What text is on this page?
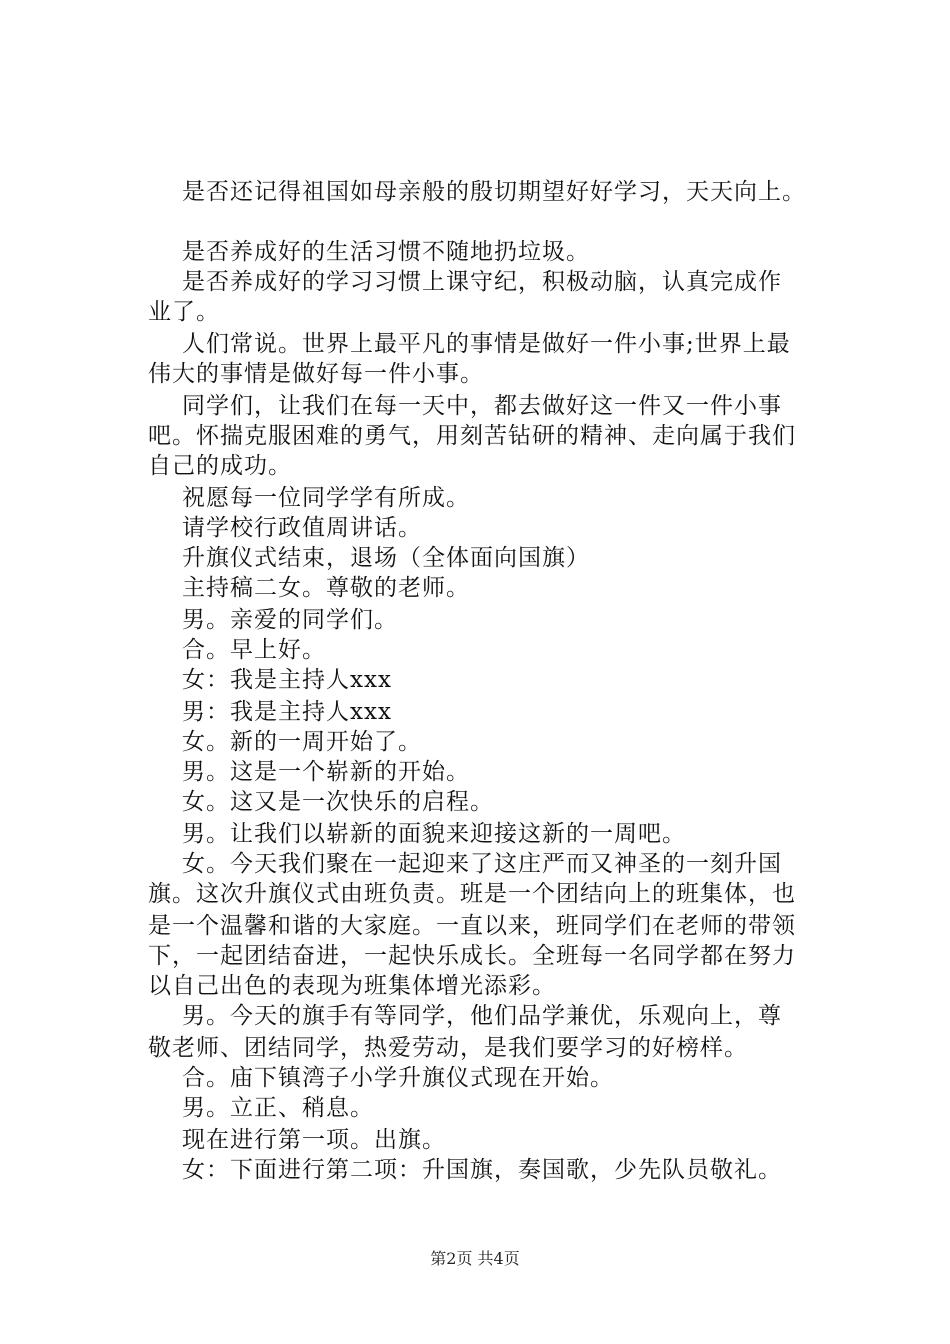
是否还记得祖国如母亲般的殷切期望好好学习，天天向上。
是否养成好的生活习惯不随地扔垃圾。
是否养成好的学习习惯上课守纪，积极动脑，认真完成作
业了。
人们常说。世界上最平凡的事情是做好一件小事;世界上最
伟大的事情是做好每一件小事。
同学们，让我们在每一天中，都去做好这一件又一件小事
吧。怀揣克服困难的勇气，用刻苦钻研的精神、走向属于我们
自己的成功。
祝愿每一位同学学有所成。
请学校行政值周讲话。
升旗仪式结束，退场（全体面向国旗）
主持稿二女。尊敬的老师。
男。亲爱的同学们。
合。早上好。
女：我是主持人xxx
男：我是主持人xxx
女。新的一周开始了。
男。这是一个崭新的开始。
女。这又是一次快乐的启程。
男。让我们以崭新的面貌来迎接这新的一周吧。
女。今天我们聚在一起迎来了这庄严而又神圣的一刻升国
旗。这次升旗仪式由班负责。班是一个团结向上的班集体，也
是一个温馨和谐的大家庭。一直以来，班同学们在老师的带领
下，一起团结奋进，一起快乐成长。全班每一名同学都在努力
以自己出色的表现为班集体增光添彩。
男。今天的旗手有等同学，他们品学兼优，乐观向上，尊
敬老师、团结同学，热爱劳动，是我们要学习的好榜样。
合。庙下镇湾子小学升旗仪式现在开始。
男。立正、稍息。
现在进行第一项。出旗。
女：下面进行第二项：升国旗，奏国歌，少先队员敬礼。
第2页 共4页
